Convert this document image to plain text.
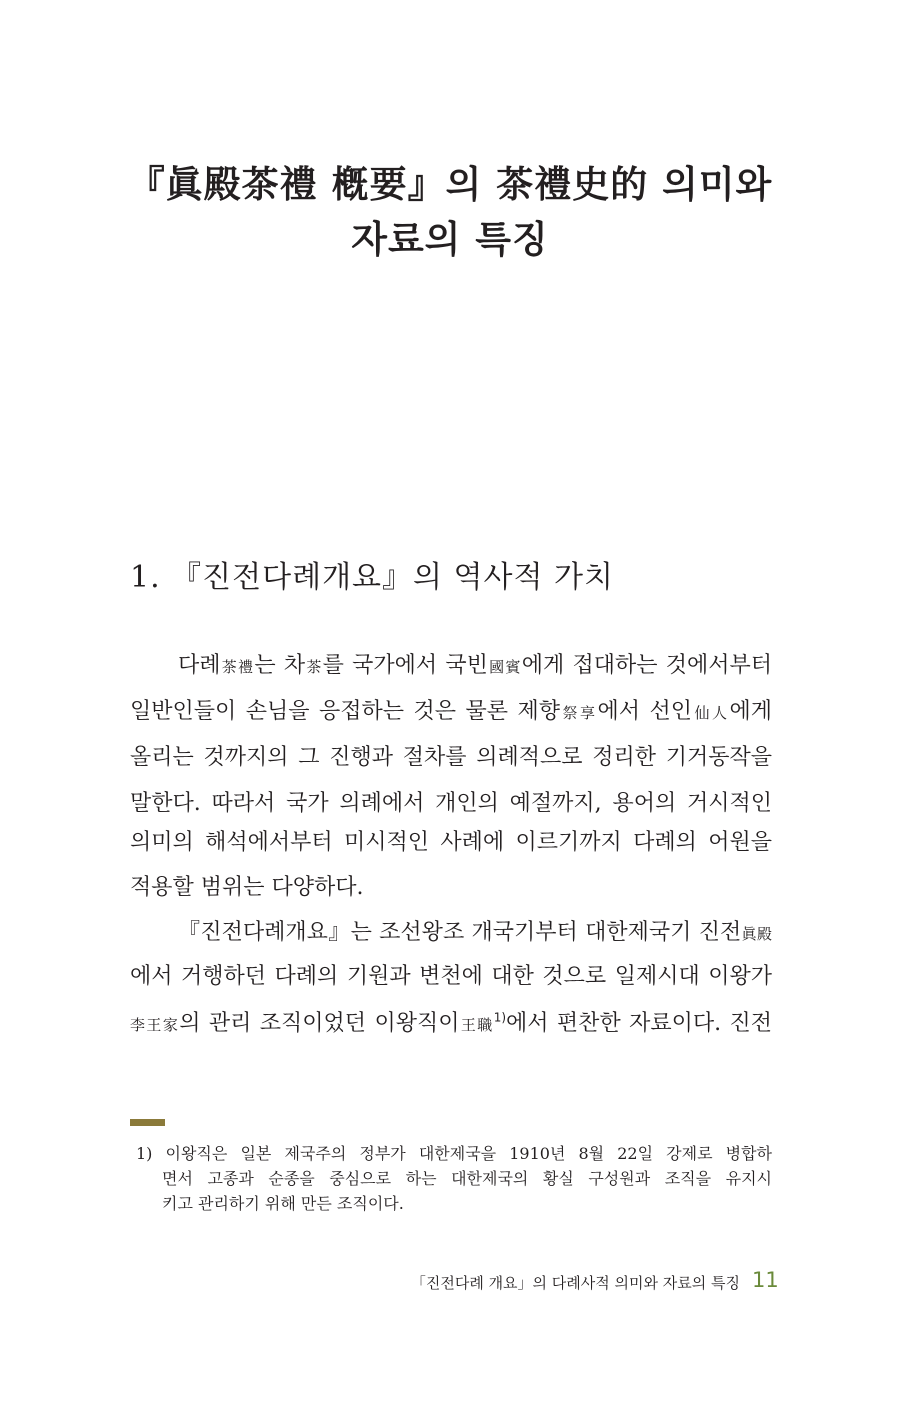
『眞殿茶禮 槪要』의 茶禮史的 의미와
자료의 특징
1. 『진전다례개요』의 역사적 가치
다례茶禮는 차茶를 국가에서 국빈國賓에게 접대하는 것에서부터
일반인들이 손님을 응접하는 것은 물론 제향祭享에서 선인仙人에게
올리는 것까지의 그 진행과 절차를 의례적으로 정리한 기거동작을
말한다. 따라서 국가 의례에서 개인의 예절까지, 용어의 거시적인
의미의 해석에서부터 미시적인 사례에 이르기까지 다례의 어원을
적용할 범위는 다양하다.
『진전다례개요』는 조선왕조 개국기부터 대한제국기 진전眞殿
에서 거행하던 다례의 기원과 변천에 대한 것으로 일제시대 이왕가
李王家의 관리 조직이었던 이왕직이王職$^{1)}$에서 편찬한 자료이다. 진전
1) 이왕직은 일본 제국주의 정부가 대한제국을 1910년 8월 22일 강제로 병합하
면서 고종과 순종을 중심으로 하는 대한제국의 황실 구성원과 조직을 유지시
키고 관리하기 위해 만든 조직이다.
「진전다례 개요」의 다례사적 의미와 자료의 특징 11
